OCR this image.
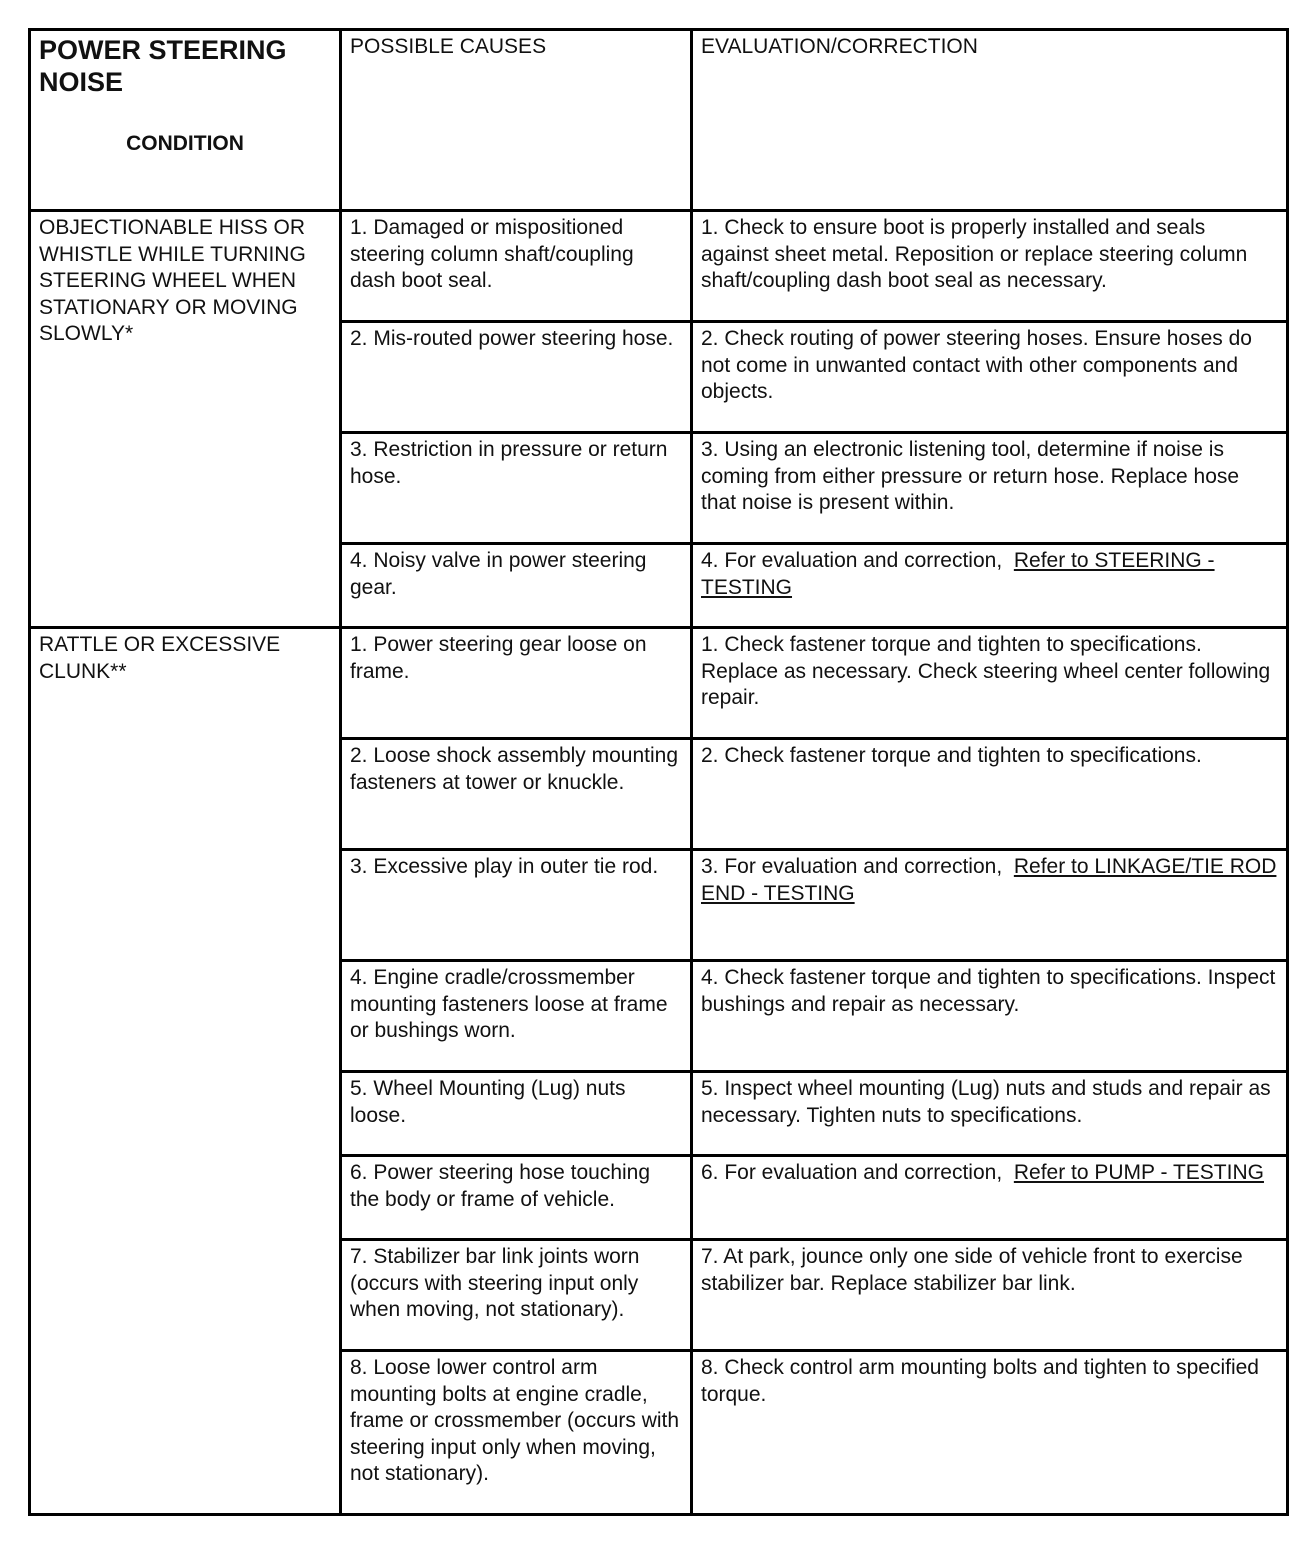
POWER STEERING NOISE
CONDITION	POSSIBLE CAUSES	EVALUATION/CORRECTION
OBJECTIONABLE HISS OR WHISTLE WHILE TURNING STEERING WHEEL WHEN STATIONARY OR MOVING SLOWLY*	1. Damaged or mispositioned steering column shaft/coupling dash boot seal.	1. Check to ensure boot is properly installed and seals against sheet metal. Reposition or replace steering column shaft/coupling dash boot seal as necessary.
	2. Mis-routed power steering hose.	2. Check routing of power steering hoses. Ensure hoses do not come in unwanted contact with other components and objects.
	3. Restriction in pressure or return hose.	3. Using an electronic listening tool, determine if noise is coming from either pressure or return hose. Replace hose that noise is present within.
	4. Noisy valve in power steering gear.	4. For evaluation and correction, Refer to STEERING - TESTING
RATTLE OR EXCESSIVE CLUNK**	1. Power steering gear loose on frame.	1. Check fastener torque and tighten to specifications. Replace as necessary. Check steering wheel center following repair.
	2. Loose shock assembly mounting fasteners at tower or knuckle.	2. Check fastener torque and tighten to specifications.
	3. Excessive play in outer tie rod.	3. For evaluation and correction, Refer to LINKAGE/TIE ROD END - TESTING
	4. Engine cradle/crossmember mounting fasteners loose at frame or bushings worn.	4. Check fastener torque and tighten to specifications. Inspect bushings and repair as necessary.
	5. Wheel Mounting (Lug) nuts loose.	5. Inspect wheel mounting (Lug) nuts and studs and repair as necessary. Tighten nuts to specifications.
	6. Power steering hose touching the body or frame of vehicle.	6. For evaluation and correction, Refer to PUMP - TESTING
	7. Stabilizer bar link joints worn (occurs with steering input only when moving, not stationary).	7. At park, jounce only one side of vehicle front to exercise stabilizer bar. Replace stabilizer bar link.
	8. Loose lower control arm mounting bolts at engine cradle, frame or crossmember (occurs with steering input only when moving, not stationary).	8. Check control arm mounting bolts and tighten to specified torque.
